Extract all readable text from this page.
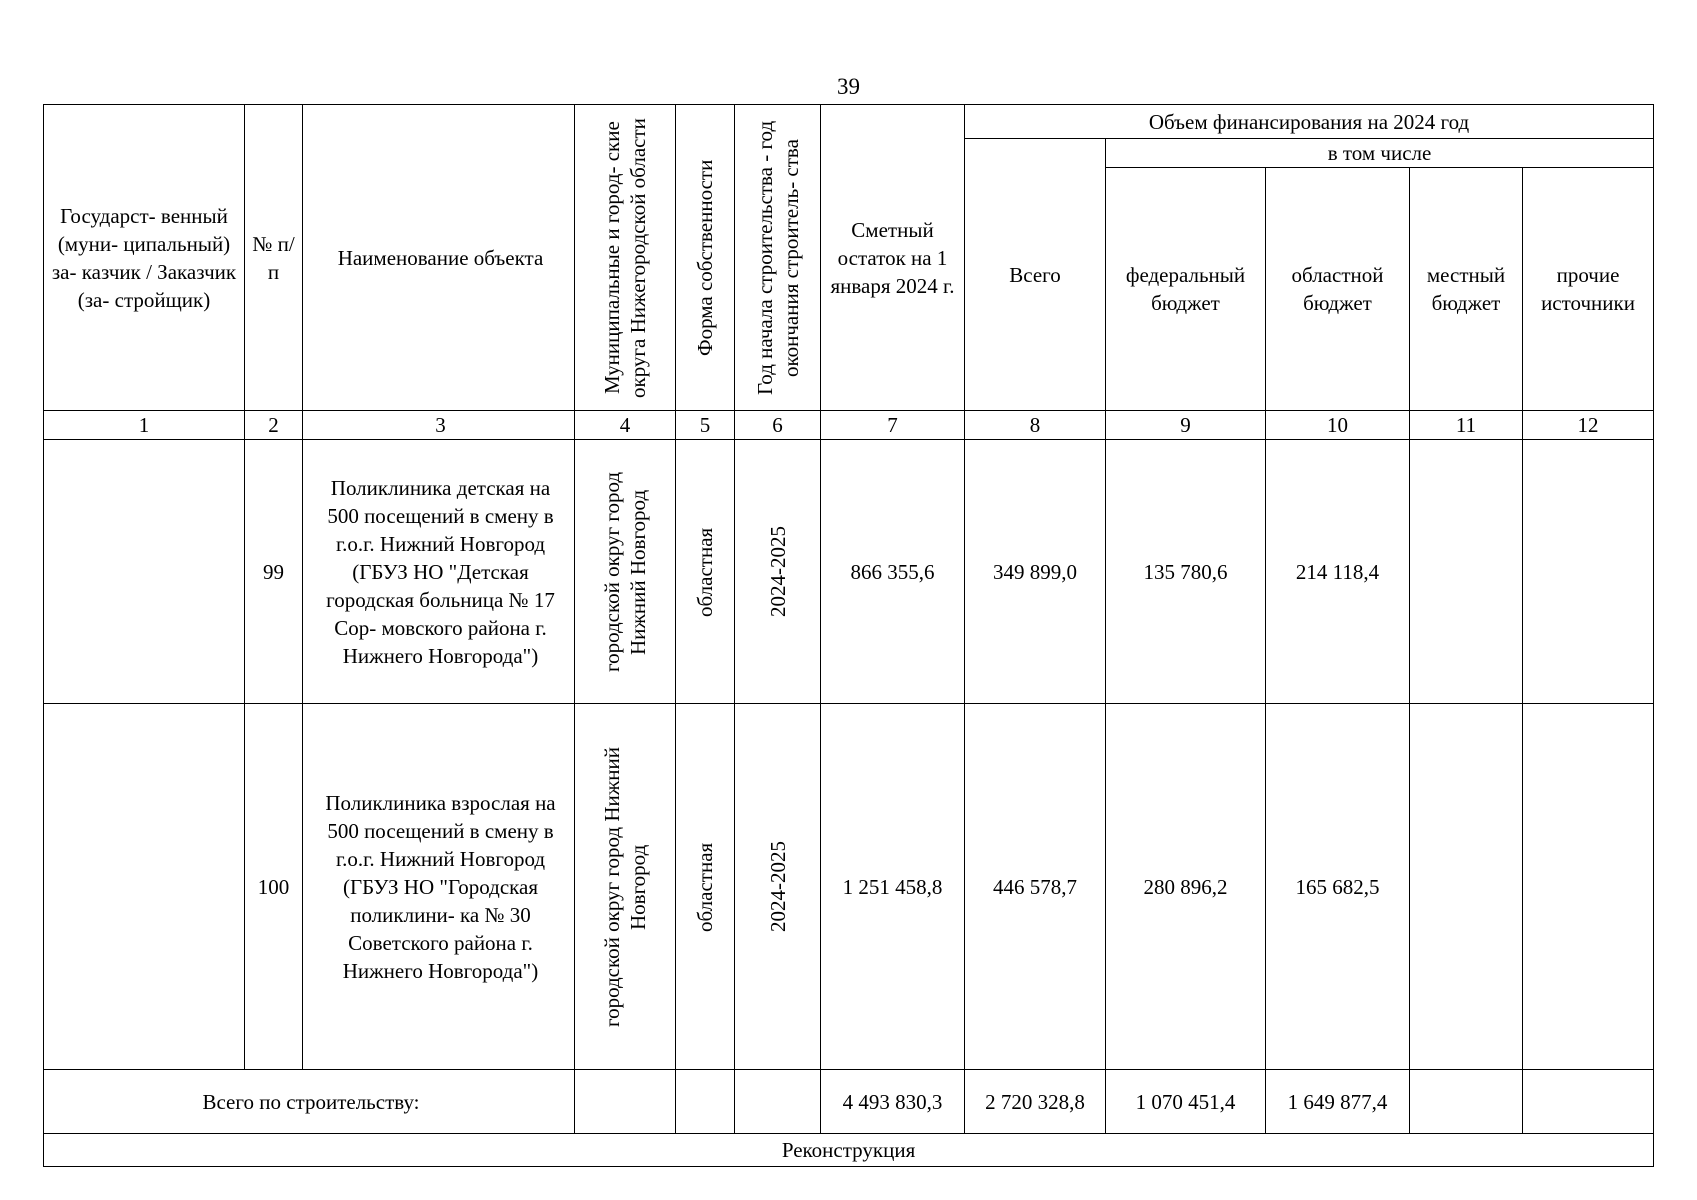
39
Государст- венный (муни- ципальный) за- казчик / Заказчик (за- стройщик)	№ п/п	Наименование объекта	Муниципальные и город- ские округа Нижегородской области	Форма собственности	Год начала строительства - год окончания строитель- ства	Сметный остаток на 1 января 2024 г.	Объем финансирования на 2024 год				
							Всего	в том числе			
								федеральный бюджет	областной бюджет	местный бюджет	прочие источники
1	2	3	4	5	6	7	8	9	10	11	12
	99	Поликлиника детская на 500 посещений в смену в г.о.г. Нижний Новгород (ГБУЗ НО "Детская городская больница № 17 Сор- мовского района г. Нижнего Новгорода")	городской округ город Нижний Новгород	областная	2024-2025	866 355,6	349 899,0	135 780,6	214 118,4		
	100	Поликлиника взрослая на 500 посещений в смену в г.о.г. Нижний Новгород (ГБУЗ НО "Городская поликлини- ка № 30 Советского района г. Нижнего Новгорода")	городской округ город Нижний Новгород	областная	2024-2025	1 251 458,8	446 578,7	280 896,2	165 682,5		
Всего по строительству:						4 493 830,3	2 720 328,8	1 070 451,4	1 649 877,4		
Реконструкция											
